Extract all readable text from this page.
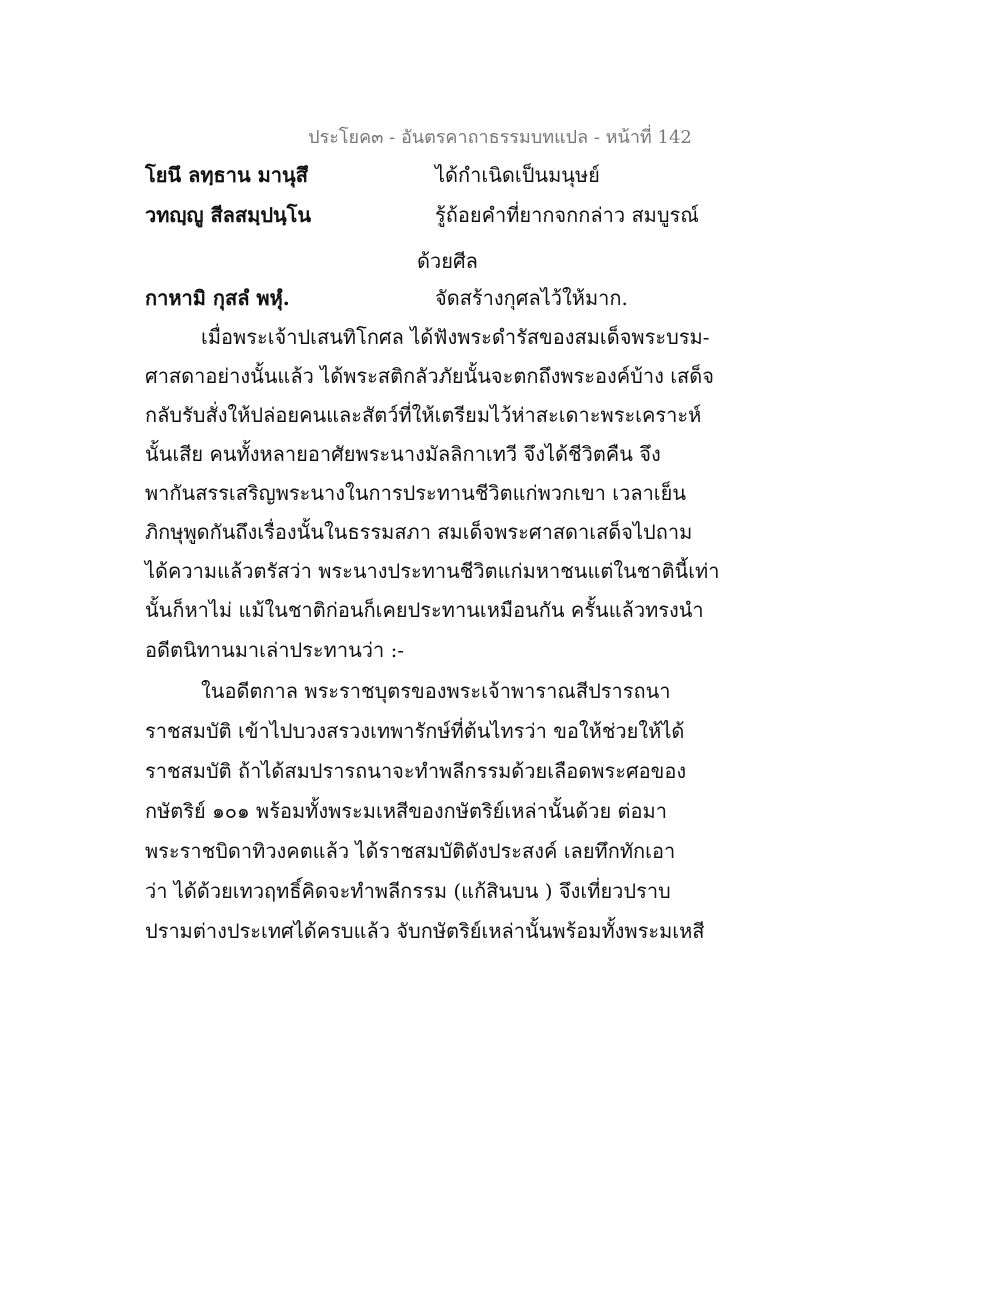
ประโยค๓ - อันตรคาถาธรรมบทแปล - หน้าที่ 142
โยนึ ลทฺธาน มานุสึ	ได้กำเนิดเป็นมนุษย์
วทญฺญู สีลสมฺปนฺโน	รู้ถ้อยคำที่ยากจกกล่าว สมบูรณ์
ด้วยศีล
กาหามิ กุสลํ พหุํ.	จัดสร้างกุศลไว้ให้มาก.
เมื่อพระเจ้าปเสนทิโกศล ได้ฟังพระดำรัสของสมเด็จพระบรม-
ศาสดาอย่างนั้นแล้ว ได้พระสติกลัวภัยนั้นจะตกถึงพระองค์บ้าง เสด็จ
กลับรับสั่งให้ปล่อยคนและสัตว์ที่ให้เตรียมไว้ห่าสะเดาะพระเคราะห์
นั้นเสีย คนทั้งหลายอาศัยพระนางมัลลิกาเทวี จึงได้ชีวิตคืน จึง
พากันสรรเสริญพระนางในการประทานชีวิตแก่พวกเขา เวลาเย็น
ภิกษุพูดกันถึงเรื่องนั้นในธรรมสภา สมเด็จพระศาสดาเสด็จไปถาม
ได้ความแล้วตรัสว่า พระนางประทานชีวิตแก่มหาชนแต่ในชาตินี้เท่า
นั้นก็หาไม่ แม้ในชาติก่อนก็เคยประทานเหมือนกัน ครั้นแล้วทรงนำ
อดีตนิทานมาเล่าประทานว่า :-
ในอดีตกาล พระราชบุตรของพระเจ้าพาราณสีปรารถนา
ราชสมบัติ เข้าไปบวงสรวงเทพารักษ์ที่ต้นไทรว่า ขอให้ช่วยให้ได้
ราชสมบัติ ถ้าได้สมปรารถนาจะทำพลีกรรมด้วยเลือดพระศอของ
กษัตริย์ ๑๐๑ พร้อมทั้งพระมเหสีของกษัตริย์เหล่านั้นด้วย ต่อมา
พระราชบิดาทิวงคตแล้ว ได้ราชสมบัติดังประสงค์ เลยทึกทักเอา
ว่า ได้ด้วยเทวฤทธิ์คิดจะทำพลีกรรม (แก้สินบน ) จึงเที่ยวปราบ
ปรามต่างประเทศได้ครบแล้ว จับกษัตริย์เหล่านั้นพร้อมทั้งพระมเหสี
